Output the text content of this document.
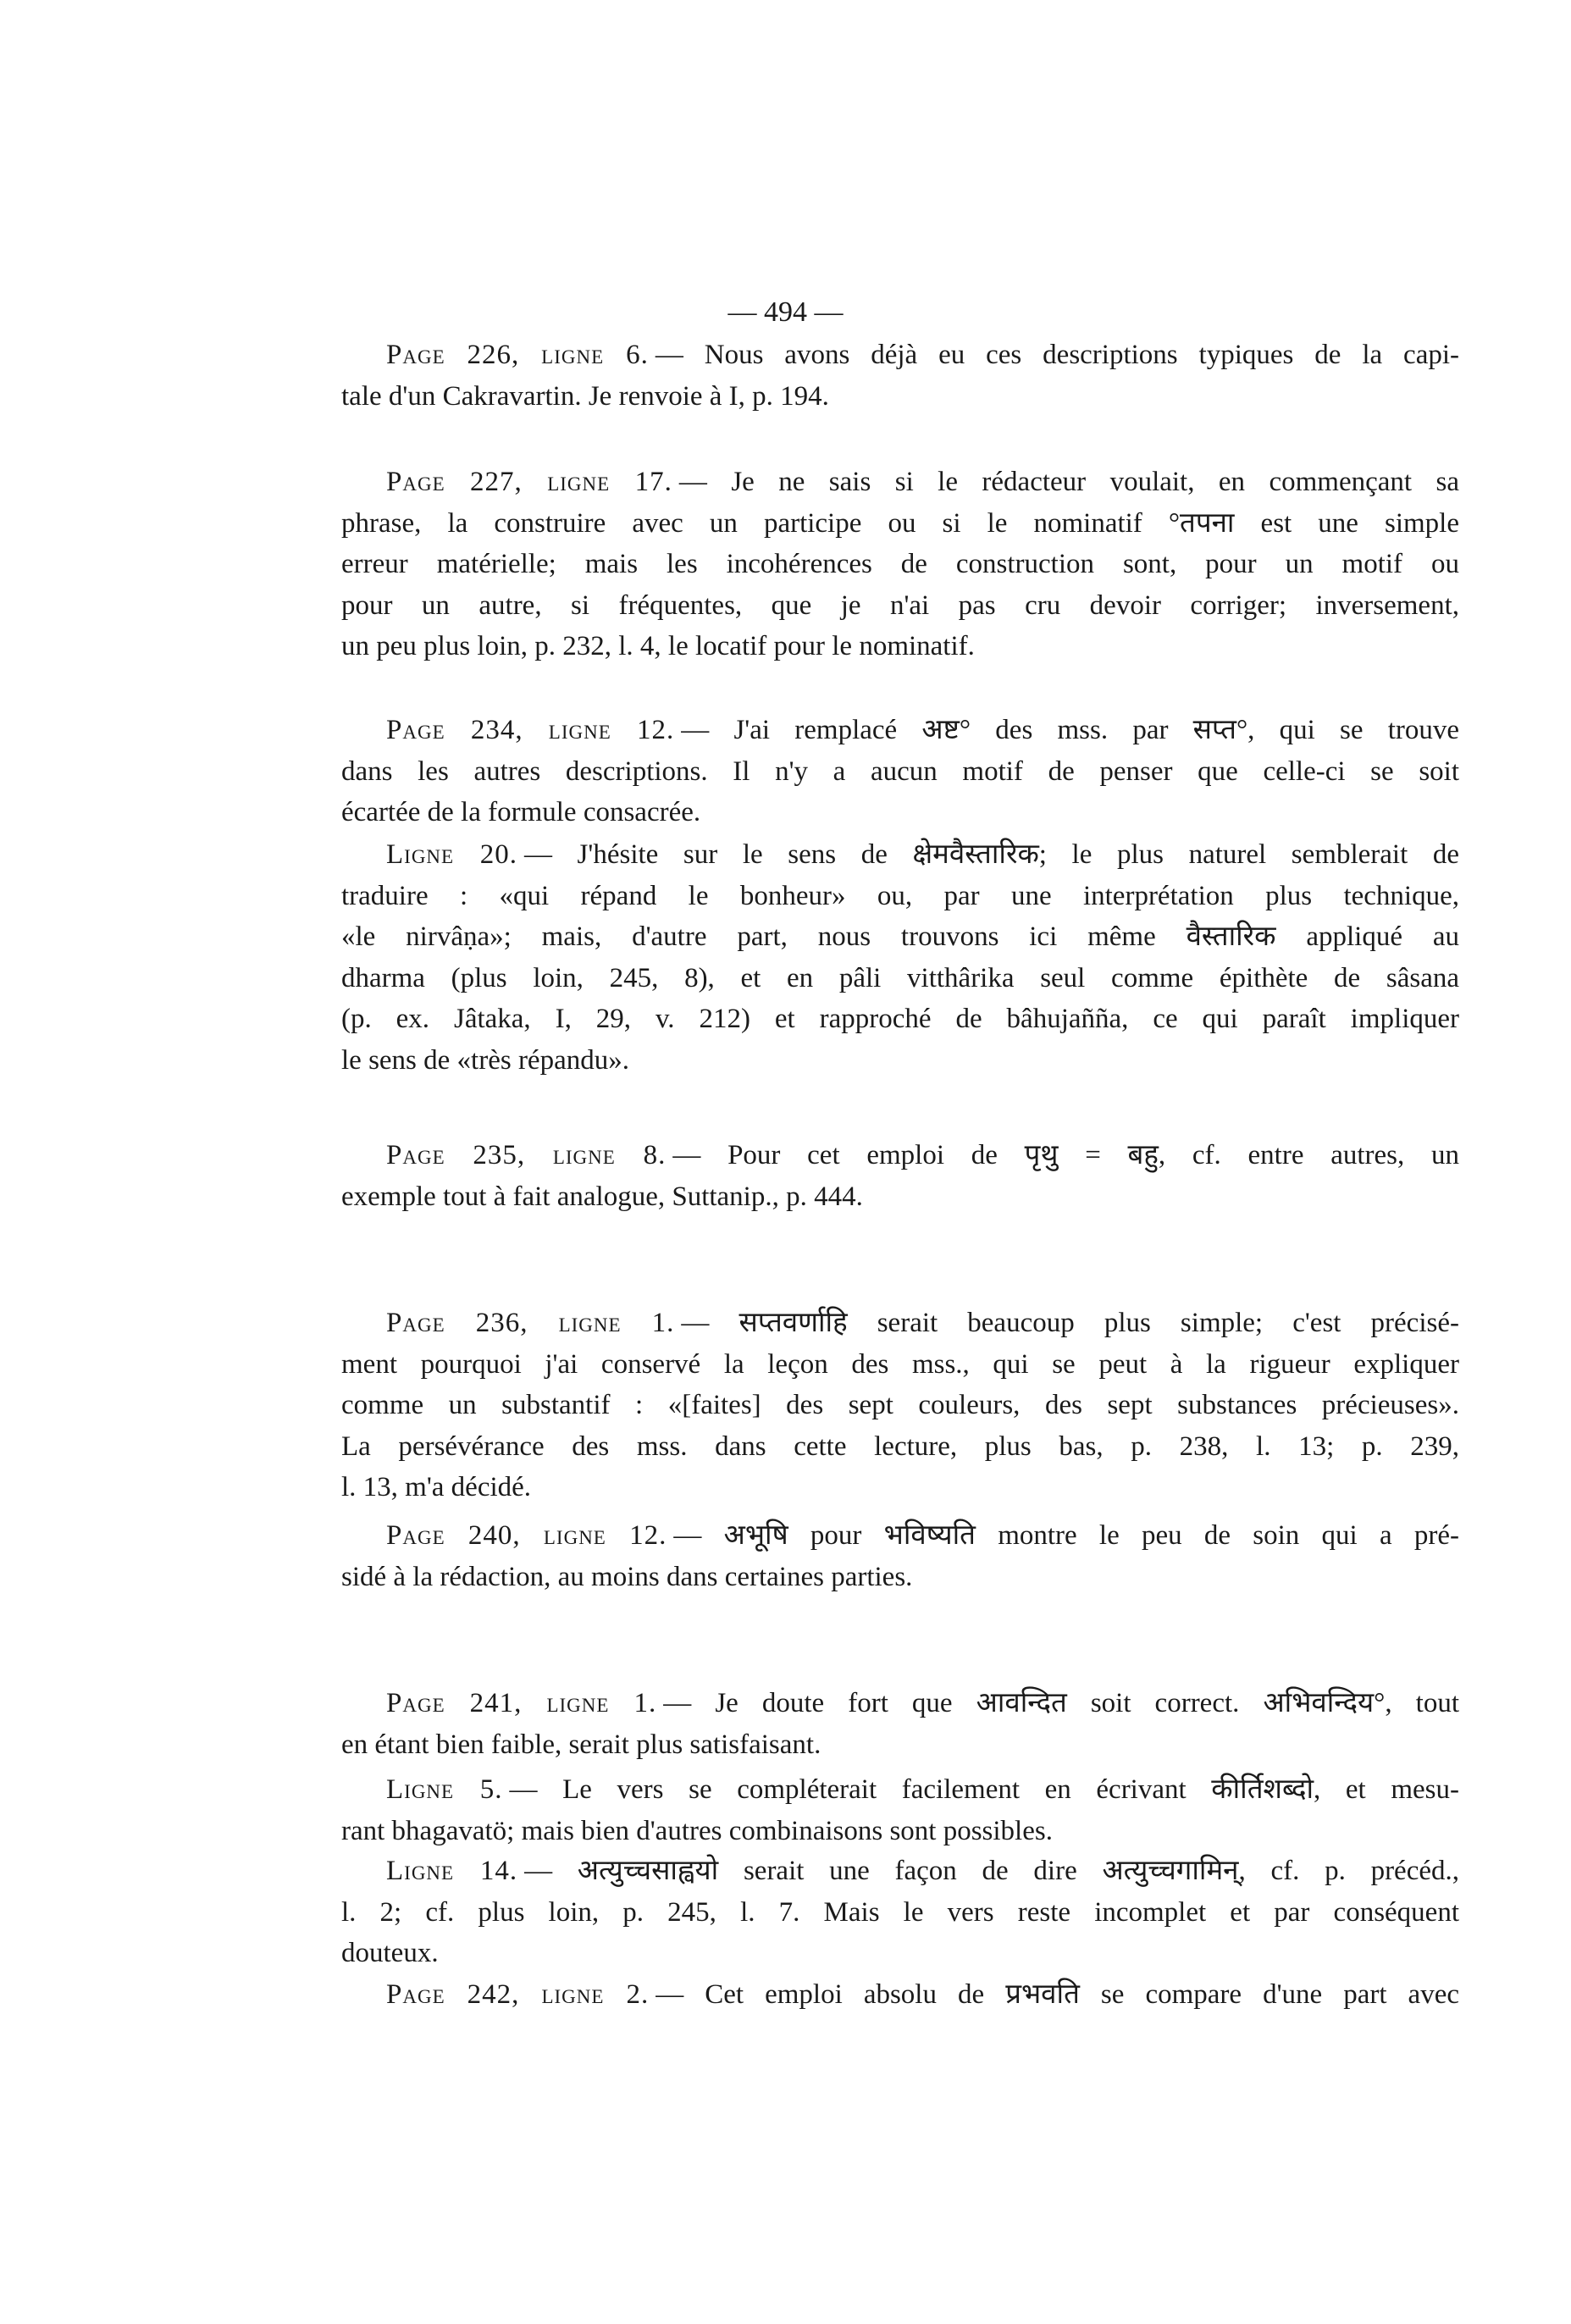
— 494 —
Page 226, ligne 6. — Nous avons déjà eu ces descriptions typiques de la capi-
tale d'un Cakravartin. Je renvoie à I, p. 194.
Page 227, ligne 17. — Je ne sais si le rédacteur voulait, en commençant sa
phrase, la construire avec un participe ou si le nominatif °तपना est une simple
erreur matérielle; mais les incohérences de construction sont, pour un motif ou
pour un autre, si fréquentes, que je n'ai pas cru devoir corriger; inversement,
un peu plus loin, p. 232, l. 4, le locatif pour le nominatif.
Page 234, ligne 12. — J'ai remplacé अष्ट° des mss. par सप्त°, qui se trouve
dans les autres descriptions. Il n'y a aucun motif de penser que celle-ci se soit
écartée de la formule consacrée.
Ligne 20. — J'hésite sur le sens de क्षेमवैस्तारिक; le plus naturel semblerait de
traduire : «qui répand le bonheur» ou, par une interprétation plus technique,
«le nirvâṇa»; mais, d'autre part, nous trouvons ici même वैस्तारिक appliqué au
dharma (plus loin, 245, 8), et en pâli vitthârika seul comme épithète de sâsana
(p. ex. Jâtaka, I, 29, v. 212) et rapproché de bâhujañña, ce qui paraît impliquer
le sens de «très répandu».
Page 235, ligne 8. — Pour cet emploi de पृथु = बहु, cf. entre autres, un
exemple tout à fait analogue, Suttanip., p. 444.
Page 236, ligne 1. — सप्तवर्णाहि serait beaucoup plus simple; c'est précisé-
ment pourquoi j'ai conservé la leçon des mss., qui se peut à la rigueur expliquer
comme un substantif : «[faites] des sept couleurs, des sept substances précieuses».
La persévérance des mss. dans cette lecture, plus bas, p. 238, l. 13; p. 239,
l. 13, m'a décidé.
Page 240, ligne 12. — अभूषि pour भविष्यति montre le peu de soin qui a pré-
sidé à la rédaction, au moins dans certaines parties.
Page 241, ligne 1. — Je doute fort que आवन्दित soit correct. अभिवन्दिय°, tout
en étant bien faible, serait plus satisfaisant.
Ligne 5. — Le vers se compléterait facilement en écrivant कीर्तिशब्दो, et mesu-
rant bhagavatö; mais bien d'autres combinaisons sont possibles.
Ligne 14. — अत्युच्चसाह्वयो serait une façon de dire अत्युच्चगामिन्, cf. p. précéd.,
l. 2; cf. plus loin, p. 245, l. 7. Mais le vers reste incomplet et par conséquent
douteux.
Page 242, ligne 2. — Cet emploi absolu de प्रभवति se compare d'une part avec
